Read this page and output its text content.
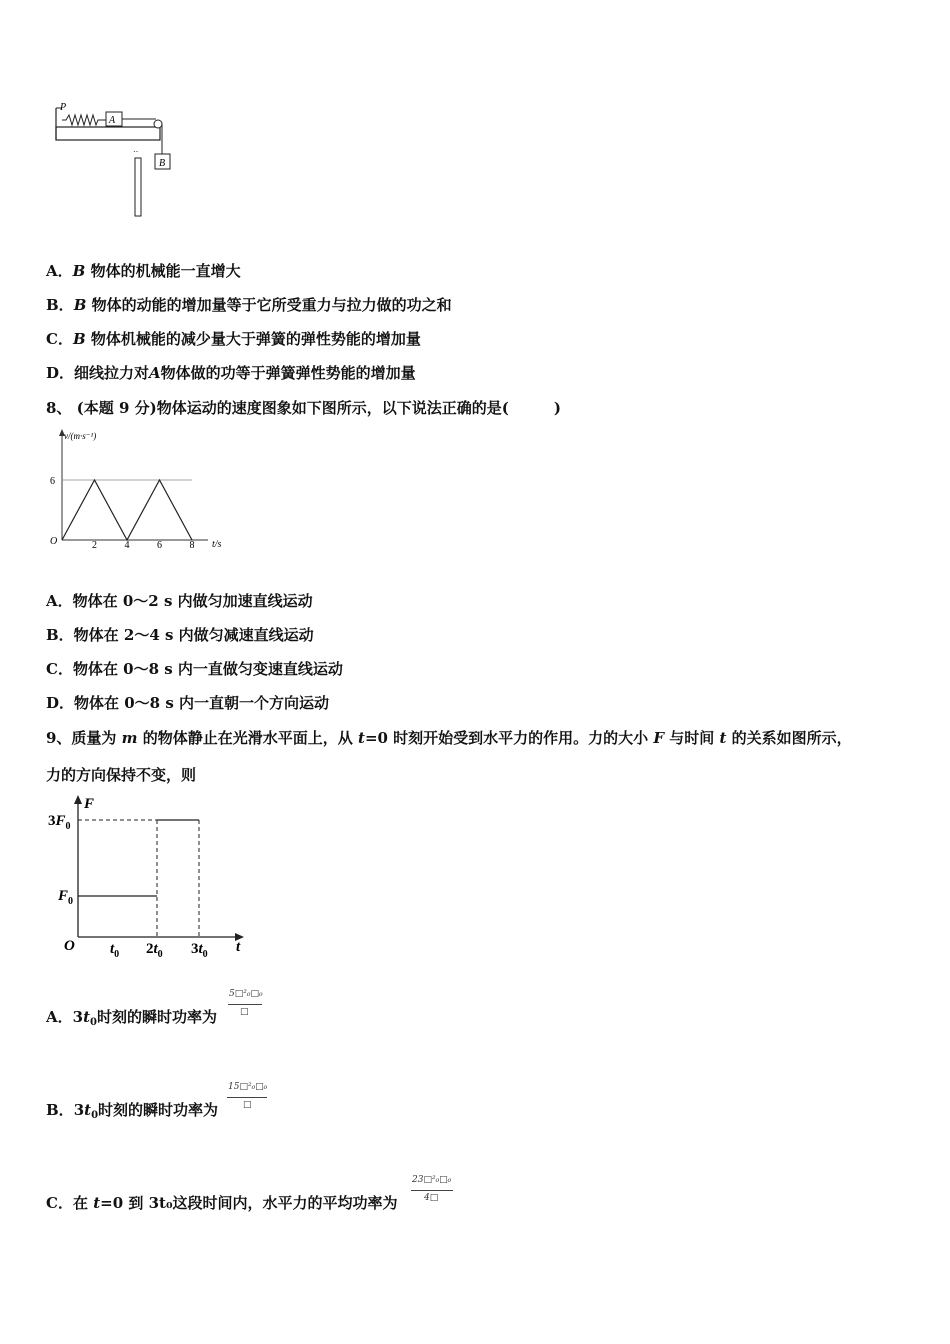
‥
P
A
B
A．B 物体的机械能一直增大
B．B 物体的动能的增加量等于它所受重力与拉力做的功之和
C．B 物体机械能的减少量大于弹簧的弹性势能的增加量
D．细线拉力对A物体做的功等于弹簧弹性势能的增加量
8、 (本题 9 分)物体运动的速度图象如下图所示，以下说法正确的是(　　　)
v/(m·s⁻¹)
O	t/s
2	4	6	8
6
A．物体在 0～2 s 内做匀加速直线运动
B．物体在 2～4 s 内做匀减速直线运动
C．物体在 0～8 s 内一直做匀变速直线运动
D．物体在 0～8 s 内一直朝一个方向运动
9、质量为 m 的物体静止在光滑水平面上，从 t=0 时刻开始受到水平力的作用。力的大小 F 与时间 t 的关系如图所示，
力的方向保持不变，则
F
$3F_0$
$F_0$
O $t_0$ $2t_0$ $3t_0$ t
A．$3t_0$时刻的瞬时功率为
5□²₀□₀
□
B．$3t_0$时刻的瞬时功率为
15□²₀□₀
□
C．在 t=0 到 3t₀这段时间内，水平力的平均功率为
23□²₀□₀
4□
